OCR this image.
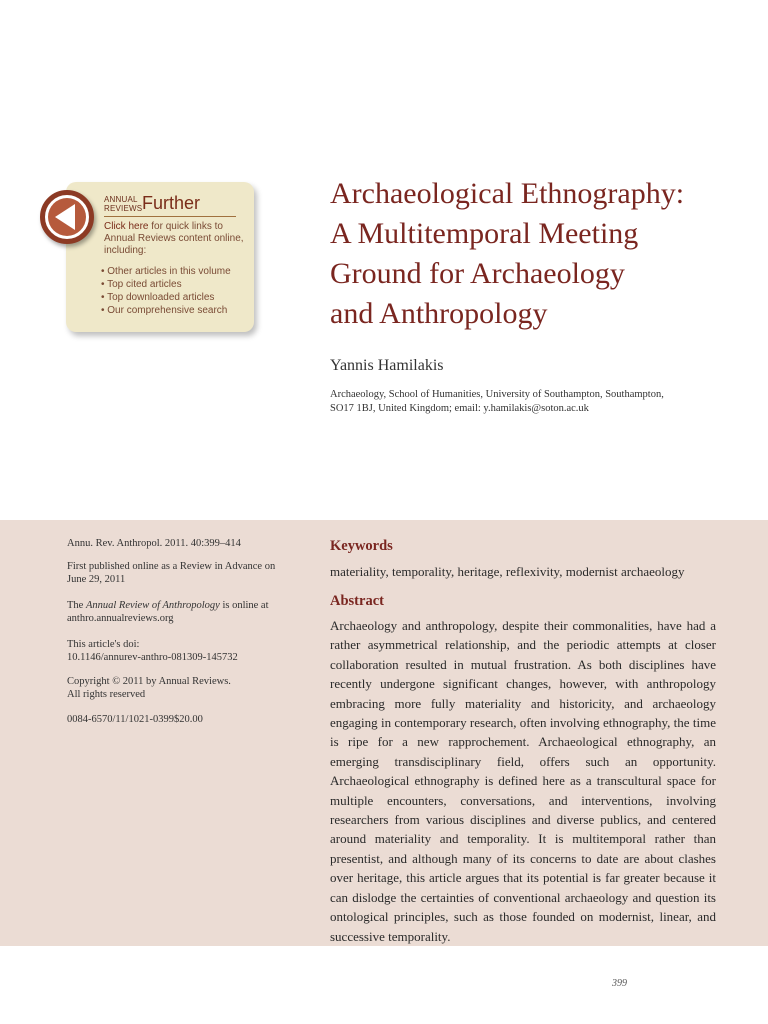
ANNUAL
REVIEWS Further
Click here for quick links to Annual Reviews content online, including:
• Other articles in this volume
• Top cited articles
• Top downloaded articles
• Our comprehensive search
Archaeological Ethnography:
A Multitemporal Meeting
Ground for Archaeology
and Anthropology
Yannis Hamilakis
Archaeology, School of Humanities, University of Southampton, Southampton,
SO17 1BJ, United Kingdom; email: y.hamilakis@soton.ac.uk
Annu. Rev. Anthropol. 2011. 40:399–414
First published online as a Review in Advance on June 29, 2011
The Annual Review of Anthropology is online at anthro.annualreviews.org
This article's doi:
10.1146/annurev-anthro-081309-145732
Copyright © 2011 by Annual Reviews.
All rights reserved
0084-6570/11/1021-0399$20.00
Keywords
materiality, temporality, heritage, reflexivity, modernist archaeology
Abstract

Archaeology and anthropology, despite their commonalities, have had a rather asymmetrical relationship, and the periodic attempts at closer collaboration resulted in mutual frustration. As both disciplines have recently undergone significant changes, however, with anthropology embracing more fully materiality and historicity, and archaeology engaging in contemporary research, often involving ethnography, the time is ripe for a new rapprochement. Archaeological ethnography, an emerging transdisciplinary field, offers such an opportunity. Archaeological ethnography is defined here as a transcultural space for multiple encounters, conversations, and interventions, involving researchers from various disciplines and diverse publics, and centered around materiality and temporality. It is multitemporal rather than presentist, and although many of its concerns to date are about clashes over heritage, this article argues that its potential is far greater because it can dislodge the certainties of conventional archaeology and question its ontological principles, such as those founded on modernist, linear, and successive temporality.

399
